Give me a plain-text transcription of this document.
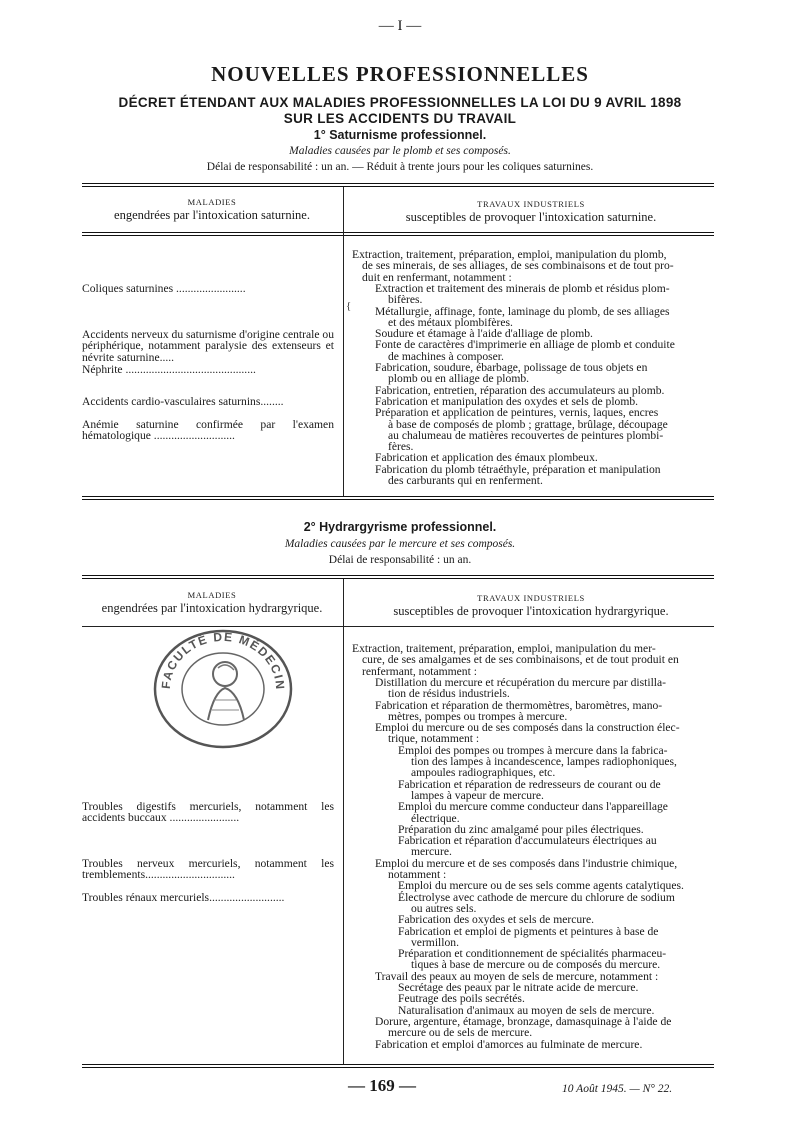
— I —
NOUVELLES PROFESSIONNELLES
DÉCRET ÉTENDANT AUX MALADIES PROFESSIONNELLES LA LOI DU 9 AVRIL 1898
SUR LES ACCIDENTS DU TRAVAIL
1° Saturnisme professionnel.
Maladies causées par le plomb et ses composés.
Délai de responsabilité : un an. — Réduit à trente jours pour les coliques saturnines.
MALADIES
engendrées par l'intoxication saturnine.
TRAVAUX INDUSTRIELS
susceptibles de provoquer l'intoxication saturnine.
Coliques saturnines ........................
Accidents nerveux du saturnisme d'origine centrale ou périphérique, notamment paralysie des extenseurs et névrite saturnine.....
Néphrite .............................................
Accidents cardio-vasculaires saturnins........
Anémie saturnine confirmée par l'examen hématologique ............................
{
Extraction, traitement, préparation, emploi, manipulation du plomb,
de ses minerais, de ses alliages, de ses combinaisons et de tout pro-
duit en renfermant, notamment :
Extraction et traitement des minerais de plomb et résidus plom-
bifères.
Métallurgie, affinage, fonte, laminage du plomb, de ses alliages
et des métaux plombifères.
Soudure et étamage à l'aide d'alliage de plomb.
Fonte de caractères d'imprimerie en alliage de plomb et conduite
de machines à composer.
Fabrication, soudure, ébarbage, polissage de tous objets en
plomb ou en alliage de plomb.
Fabrication, entretien, réparation des accumulateurs au plomb.
Fabrication et manipulation des oxydes et sels de plomb.
Préparation et application de peintures, vernis, laques, encres
à base de composés de plomb ; grattage, brûlage, découpage
au chalumeau de matières recouvertes de peintures plombi-
fères.
Fabrication et application des émaux plombeux.
Fabrication du plomb tétraéthyle, préparation et manipulation
des carburants qui en renferment.
2° Hydrargyrisme professionnel.
Maladies causées par le mercure et ses composés.
Délai de responsabilité : un an.
MALADIES
engendrées par l'intoxication hydrargyrique.
TRAVAUX INDUSTRIELS
susceptibles de provoquer l'intoxication hydrargyrique.
FACULTÉ DE MÉDECIN
Troubles digestifs mercuriels, notamment les accidents buccaux ........................
Troubles nerveux mercuriels, notamment les tremblements...............................
Troubles rénaux mercuriels..........................
Extraction, traitement, préparation, emploi, manipulation du mer-
cure, de ses amalgames et de ses combinaisons, et de tout produit en
renfermant, notamment :
Distillation du mercure et récupération du mercure par distilla-
tion de résidus industriels.
Fabrication et réparation de thermomètres, baromètres, mano-
mètres, pompes ou trompes à mercure.
Emploi du mercure ou de ses composés dans la construction élec-
trique, notamment :
Emploi des pompes ou trompes à mercure dans la fabrica-
tion des lampes à incandescence, lampes radiophoniques,
ampoules radiographiques, etc.
Fabrication et réparation de redresseurs de courant ou de
lampes à vapeur de mercure.
Emploi du mercure comme conducteur dans l'appareillage
électrique.
Préparation du zinc amalgamé pour piles électriques.
Fabrication et réparation d'accumulateurs électriques au
mercure.
Emploi du mercure et de ses composés dans l'industrie chimique,
notamment :
Emploi du mercure ou de ses sels comme agents catalytiques.
Électrolyse avec cathode de mercure du chlorure de sodium
ou autres sels.
Fabrication des oxydes et sels de mercure.
Fabrication et emploi de pigments et peintures à base de
vermillon.
Préparation et conditionnement de spécialités pharmaceu-
tiques à base de mercure ou de composés du mercure.
Travail des peaux au moyen de sels de mercure, notamment :
Secrétage des peaux par le nitrate acide de mercure.
Feutrage des poils secrétés.
Naturalisation d'animaux au moyen de sels de mercure.
Dorure, argenture, étamage, bronzage, damasquinage à l'aide de
mercure ou de sels de mercure.
Fabrication et emploi d'amorces au fulminate de mercure.
— 169 —	10 Août 1945. — N° 22.
